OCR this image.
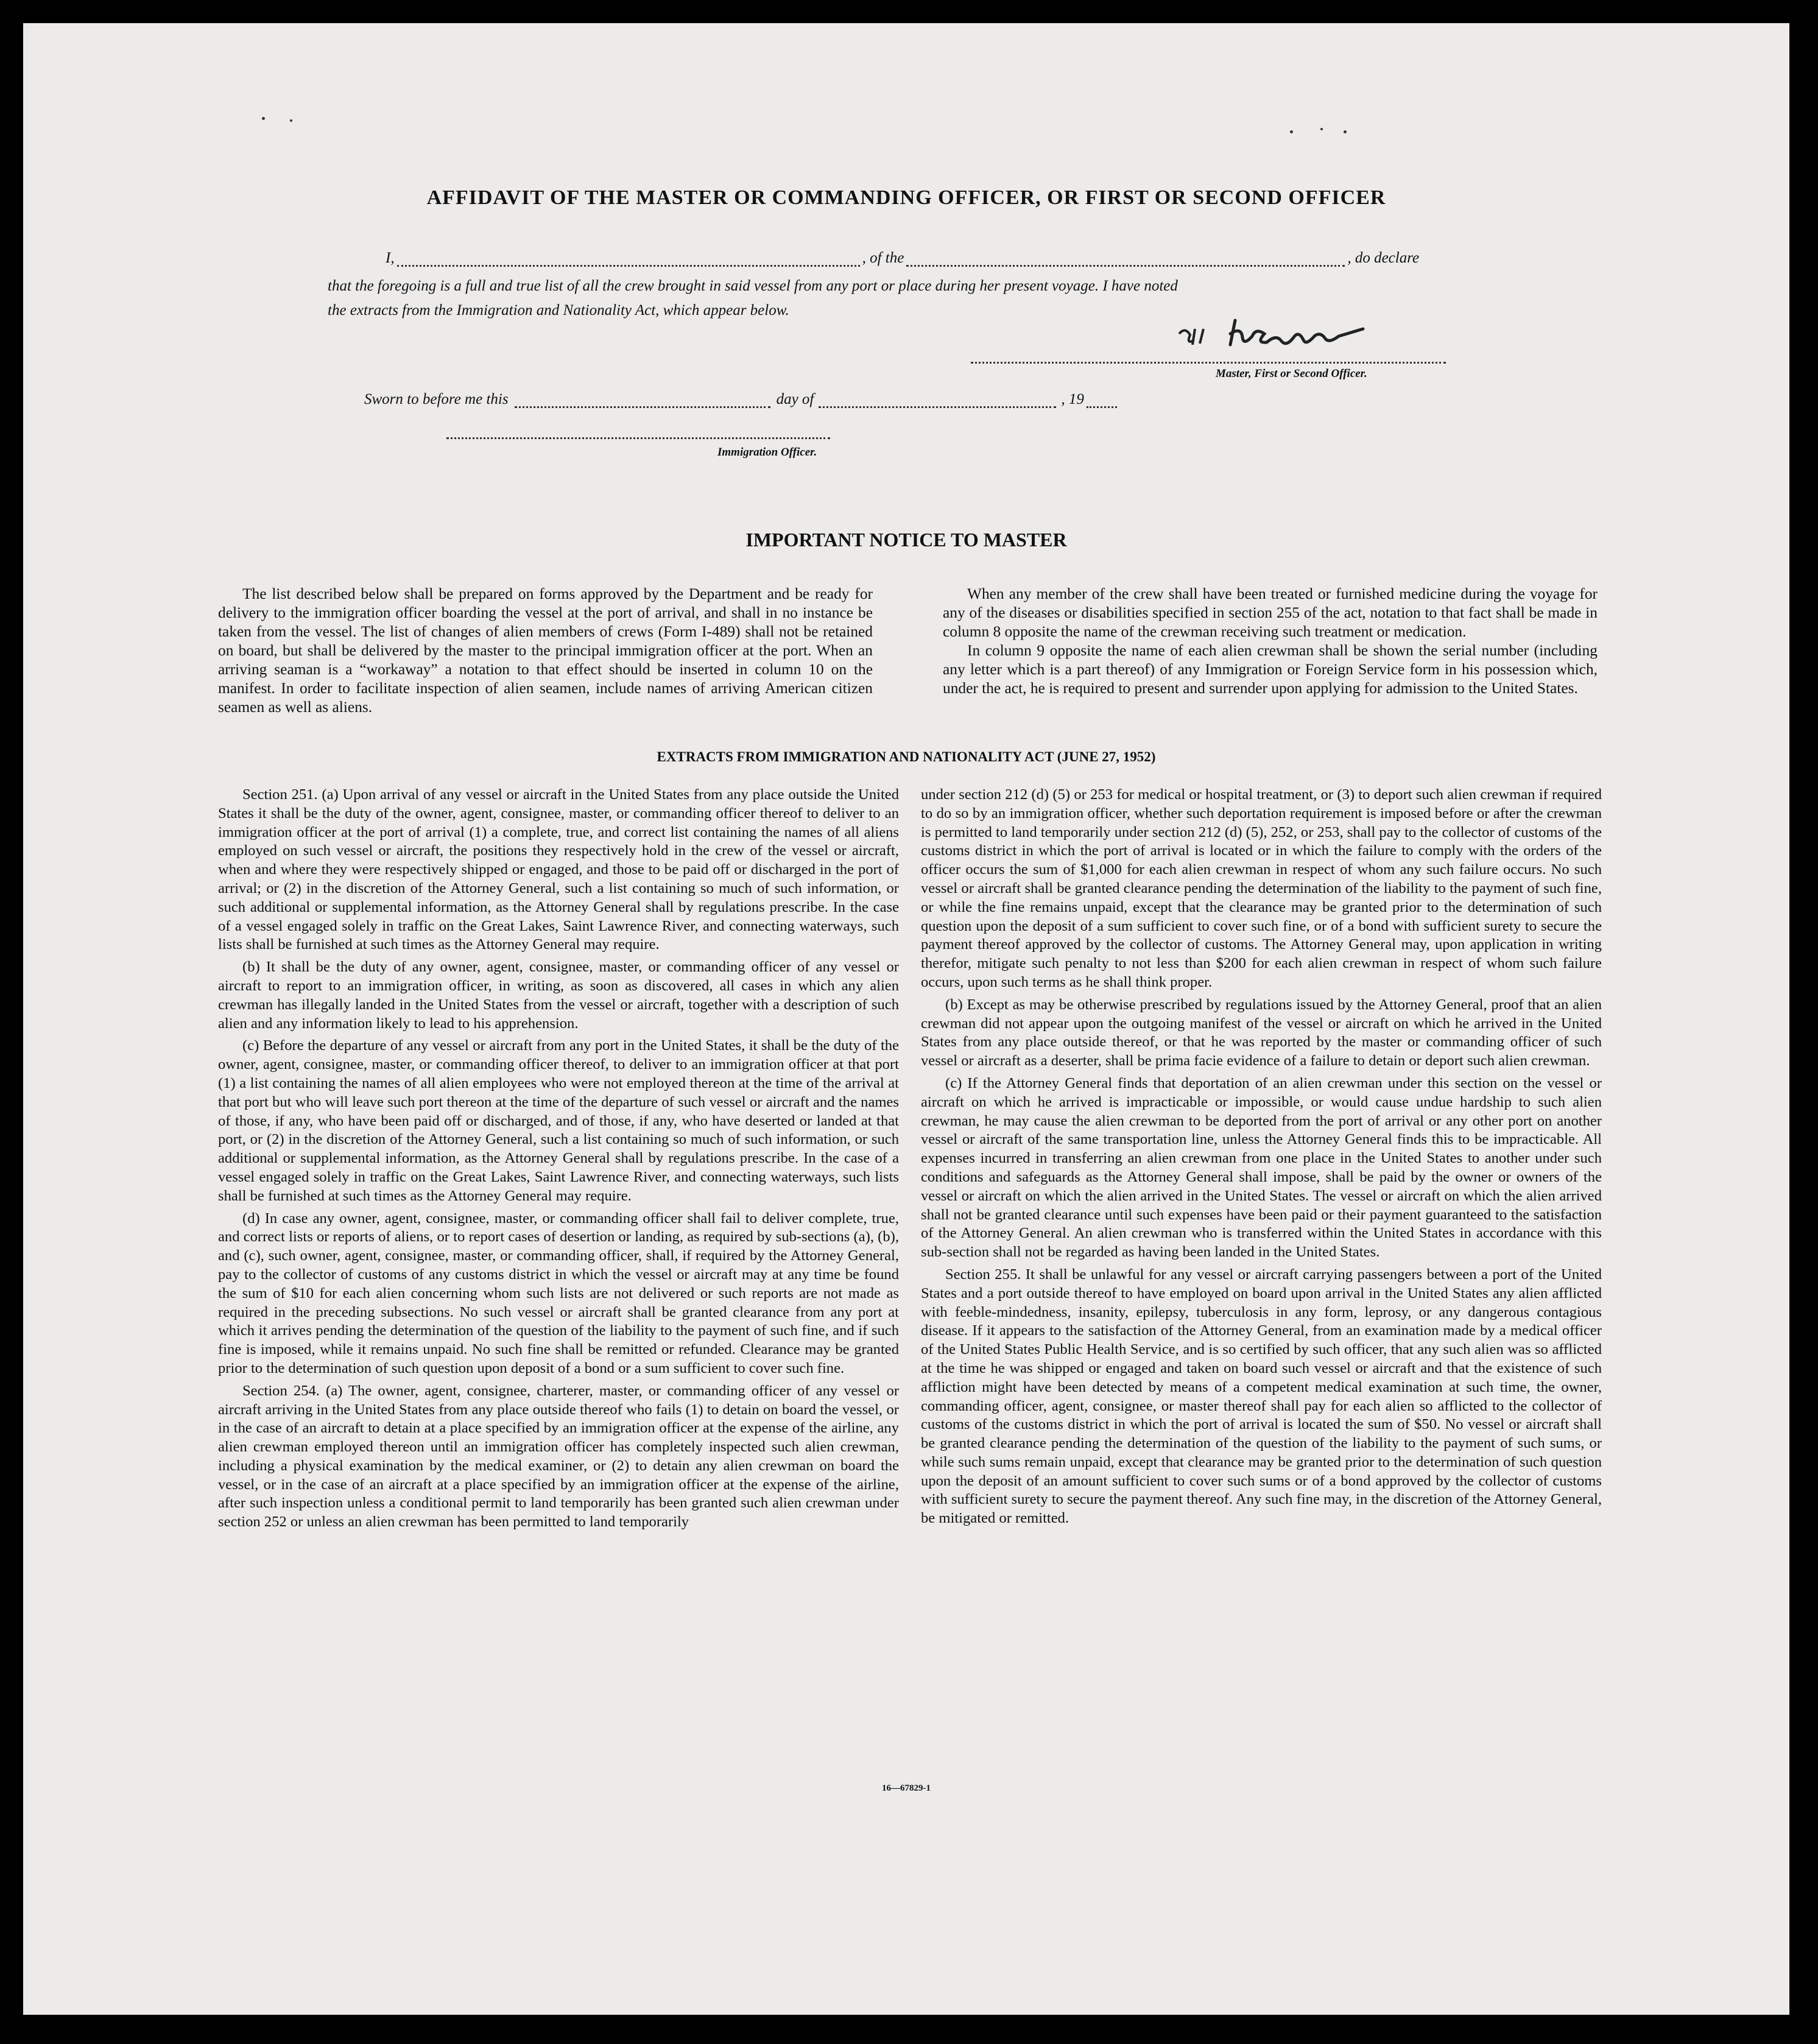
AFFIDAVIT OF THE MASTER OR COMMANDING OFFICER, OR FIRST OR SECOND OFFICER
I,	, of the	, do declare
that the foregoing is a full and true list of all the crew brought in said vessel from any port or place during her present voyage. I have noted
the extracts from the Immigration and Nationality Act, which appear below.
Master, First or Second Officer.
Sworn to before me this	day of	, 19
Immigration Officer.
IMPORTANT NOTICE TO MASTER

The list described below shall be prepared on forms approved by the Department and be ready for delivery to the immigration officer boarding the vessel at the port of arrival, and shall in no instance be taken from the vessel. The list of changes of alien members of crews (Form I-489) shall not be retained on board, but shall be delivered by the master to the principal immigration officer at the port. When an arriving seaman is a “workaway” a notation to that effect should be inserted in column 10 on the manifest. In order to facilitate inspection of alien seamen, include names of arriving American citizen seamen as well as aliens.

When any member of the crew shall have been treated or furnished medicine during the voyage for any of the diseases or disabilities specified in section 255 of the act, notation to that fact shall be made in column 8 opposite the name of the crewman receiving such treatment or medication.

In column 9 opposite the name of each alien crewman shall be shown the serial number (including any letter which is a part thereof) of any Immigration or Foreign Service form in his possession which, under the act, he is required to present and surrender upon applying for admission to the United States.

EXTRACTS FROM IMMIGRATION AND NATIONALITY ACT (JUNE 27, 1952)

Section 251. (a) Upon arrival of any vessel or aircraft in the United States from any place outside the United States it shall be the duty of the owner, agent, consignee, master, or commanding officer thereof to deliver to an immigration officer at the port of arrival (1) a complete, true, and correct list containing the names of all aliens employed on such vessel or aircraft, the positions they respectively hold in the crew of the vessel or aircraft, when and where they were respectively shipped or engaged, and those to be paid off or discharged in the port of arrival; or (2) in the discretion of the Attorney General, such a list containing so much of such information, or such additional or supplemental information, as the Attorney General shall by regulations prescribe. In the case of a vessel engaged solely in traffic on the Great Lakes, Saint Lawrence River, and connecting waterways, such lists shall be furnished at such times as the Attorney General may require.

(b) It shall be the duty of any owner, agent, consignee, master, or commanding officer of any vessel or aircraft to report to an immigration officer, in writing, as soon as discovered, all cases in which any alien crewman has illegally landed in the United States from the vessel or aircraft, together with a description of such alien and any information likely to lead to his apprehension.

(c) Before the departure of any vessel or aircraft from any port in the United States, it shall be the duty of the owner, agent, consignee, master, or commanding officer thereof, to deliver to an immigration officer at that port (1) a list containing the names of all alien employees who were not employed thereon at the time of the arrival at that port but who will leave such port thereon at the time of the departure of such vessel or aircraft and the names of those, if any, who have been paid off or discharged, and of those, if any, who have deserted or landed at that port, or (2) in the discretion of the Attorney General, such a list containing so much of such information, or such additional or supplemental information, as the Attorney General shall by regulations prescribe. In the case of a vessel engaged solely in traffic on the Great Lakes, Saint Lawrence River, and connecting waterways, such lists shall be furnished at such times as the Attorney General may require.

(d) In case any owner, agent, consignee, master, or commanding officer shall fail to deliver complete, true, and correct lists or reports of aliens, or to report cases of desertion or landing, as required by sub-sections (a), (b), and (c), such owner, agent, consignee, master, or commanding officer, shall, if required by the Attorney General, pay to the collector of customs of any customs district in which the vessel or aircraft may at any time be found the sum of $10 for each alien concerning whom such lists are not delivered or such reports are not made as required in the preceding subsections. No such vessel or aircraft shall be granted clearance from any port at which it arrives pending the determination of the question of the liability to the payment of such fine, and if such fine is imposed, while it remains unpaid. No such fine shall be remitted or refunded. Clearance may be granted prior to the determination of such question upon deposit of a bond or a sum sufficient to cover such fine.

Section 254. (a) The owner, agent, consignee, charterer, master, or commanding officer of any vessel or aircraft arriving in the United States from any place outside thereof who fails (1) to detain on board the vessel, or in the case of an aircraft to detain at a place specified by an immigration officer at the expense of the airline, any alien crewman employed thereon until an immigration officer has completely inspected such alien crewman, including a physical examination by the medical examiner, or (2) to detain any alien crewman on board the vessel, or in the case of an aircraft at a place specified by an immigration officer at the expense of the airline, after such inspection unless a conditional permit to land temporarily has been granted such alien crewman under section 252 or unless an alien crewman has been permitted to land temporarily

under section 212 (d) (5) or 253 for medical or hospital treatment, or (3) to deport such alien crewman if required to do so by an immigration officer, whether such deportation requirement is imposed before or after the crewman is permitted to land temporarily under section 212 (d) (5), 252, or 253, shall pay to the collector of customs of the customs district in which the port of arrival is located or in which the failure to comply with the orders of the officer occurs the sum of $1,000 for each alien crewman in respect of whom any such failure occurs. No such vessel or aircraft shall be granted clearance pending the determination of the liability to the payment of such fine, or while the fine remains unpaid, except that the clearance may be granted prior to the determination of such question upon the deposit of a sum sufficient to cover such fine, or of a bond with sufficient surety to secure the payment thereof approved by the collector of customs. The Attorney General may, upon application in writing therefor, mitigate such penalty to not less than $200 for each alien crewman in respect of whom such failure occurs, upon such terms as he shall think proper.

(b) Except as may be otherwise prescribed by regulations issued by the Attorney General, proof that an alien crewman did not appear upon the outgoing manifest of the vessel or aircraft on which he arrived in the United States from any place outside thereof, or that he was reported by the master or commanding officer of such vessel or aircraft as a deserter, shall be prima facie evidence of a failure to detain or deport such alien crewman.

(c) If the Attorney General finds that deportation of an alien crewman under this section on the vessel or aircraft on which he arrived is impracticable or impossible, or would cause undue hardship to such alien crewman, he may cause the alien crewman to be deported from the port of arrival or any other port on another vessel or aircraft of the same transportation line, unless the Attorney General finds this to be impracticable. All expenses incurred in transferring an alien crewman from one place in the United States to another under such conditions and safeguards as the Attorney General shall impose, shall be paid by the owner or owners of the vessel or aircraft on which the alien arrived in the United States. The vessel or aircraft on which the alien arrived shall not be granted clearance until such expenses have been paid or their payment guaranteed to the satisfaction of the Attorney General. An alien crewman who is transferred within the United States in accordance with this sub-section shall not be regarded as having been landed in the United States.

Section 255. It shall be unlawful for any vessel or aircraft carrying passengers between a port of the United States and a port outside thereof to have employed on board upon arrival in the United States any alien afflicted with feeble-mindedness, insanity, epilepsy, tuberculosis in any form, leprosy, or any dangerous contagious disease. If it appears to the satisfaction of the Attorney General, from an examination made by a medical officer of the United States Public Health Service, and is so certified by such officer, that any such alien was so afflicted at the time he was shipped or engaged and taken on board such vessel or aircraft and that the existence of such affliction might have been detected by means of a competent medical examination at such time, the owner, commanding officer, agent, consignee, or master thereof shall pay for each alien so afflicted to the collector of customs of the customs district in which the port of arrival is located the sum of $50. No vessel or aircraft shall be granted clearance pending the determination of the question of the liability to the payment of such sums, or while such sums remain unpaid, except that clearance may be granted prior to the determination of such question upon the deposit of an amount sufficient to cover such sums or of a bond approved by the collector of customs with sufficient surety to secure the payment thereof. Any such fine may, in the discretion of the Attorney General, be mitigated or remitted.

16—67829-1
